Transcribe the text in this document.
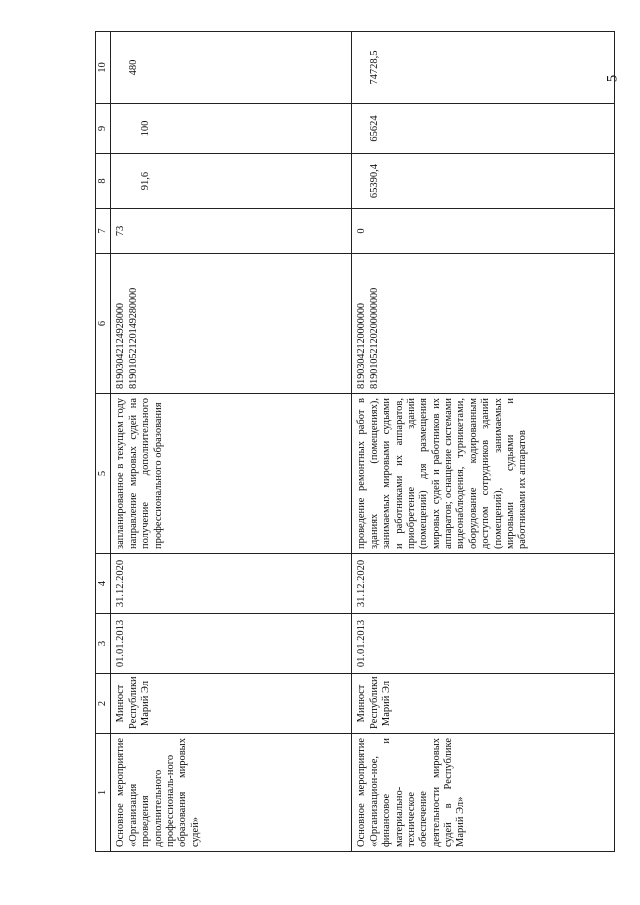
5
1	2	3	4	5	6	7	8	9	10
Основное мероприятие «Организация проведения дополнительного профессиональ-ного образования мировых судей»	Минюст Республики Марий Эл	01.01.2013	31.12.2020	запланированное в текущем году направление мировых судей на получение дополнительного профессионального образования	81903042124928000 81901052120149280000	73	91,6	100	480
Основное мероприятие «Организацион-ное, финансовое и материально-техническое обеспечение деятельности мировых судей в Республике Марий Эл»	Минюст Республики Марий Эл	01.01.2013	31.12.2020	проведение ремонтных работ в зданиях (помещениях), занимаемых мировыми судьями и работниками их аппаратов, приобретение зданий (помещений) для размещения мировых судей и работников их аппаратов; оснащение системами видеонаблюдения, турникетами, оборудование кодированным доступом сотрудников зданий (помещений), занимаемых мировыми судьями и работниками их аппаратов	81903042120000000 81901052120200000000	0	65390,4	65624	74728,5
